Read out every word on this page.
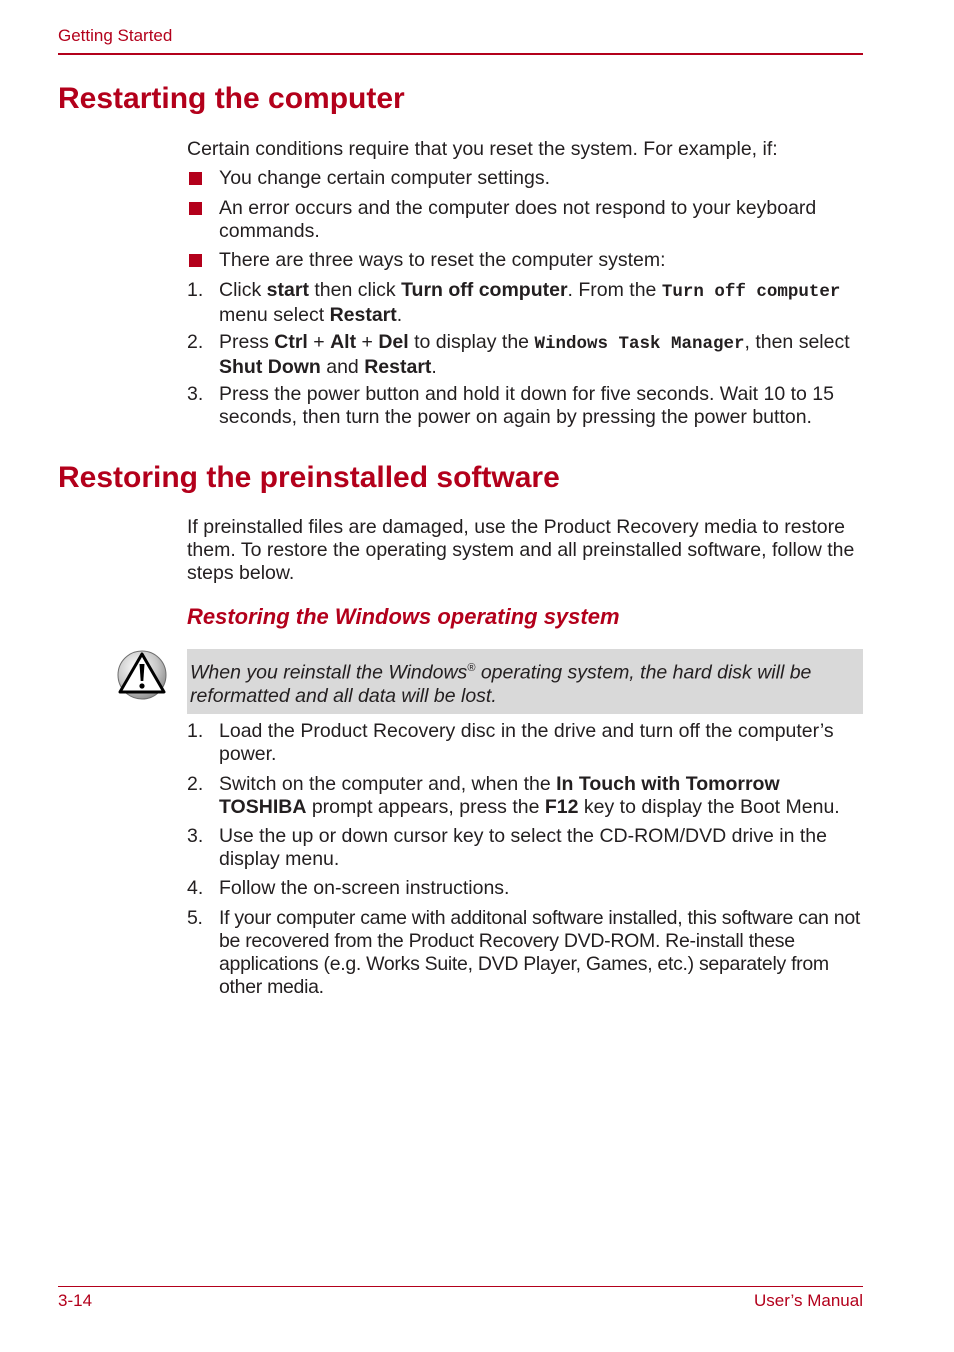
Getting Started
Restarting the computer

Certain conditions require that you reset the system. For example, if:

You change certain computer settings.
An error occurs and the computer does not respond to your keyboard commands.
There are three ways to reset the computer system:
1. Click start then click Turn off computer. From the Turn off computer menu select Restart.
2. Press Ctrl + Alt + Del to display the Windows Task Manager, then select Shut Down and Restart.
3. Press the power button and hold it down for five seconds. Wait 10 to 15 seconds, then turn the power on again by pressing the power button.
Restoring the preinstalled software

If preinstalled files are damaged, use the Product Recovery media to restore them. To restore the operating system and all preinstalled software, follow the steps below.

Restoring the Windows operating system
When you reinstall the Windows® operating system, the hard disk will be reformatted and all data will be lost.
1. Load the Product Recovery disc in the drive and turn off the computer’s power.
2. Switch on the computer and, when the In Touch with Tomorrow TOSHIBA prompt appears, press the F12 key to display the Boot Menu.
3. Use the up or down cursor key to select the CD-ROM/DVD drive in the display menu.
4. Follow the on-screen instructions.
5. If your computer came with additonal software installed, this software can not be recovered from the Product Recovery DVD-ROM. Re-install these applications (e.g. Works Suite, DVD Player, Games, etc.) separately from other media.
3-14	User’s Manual
